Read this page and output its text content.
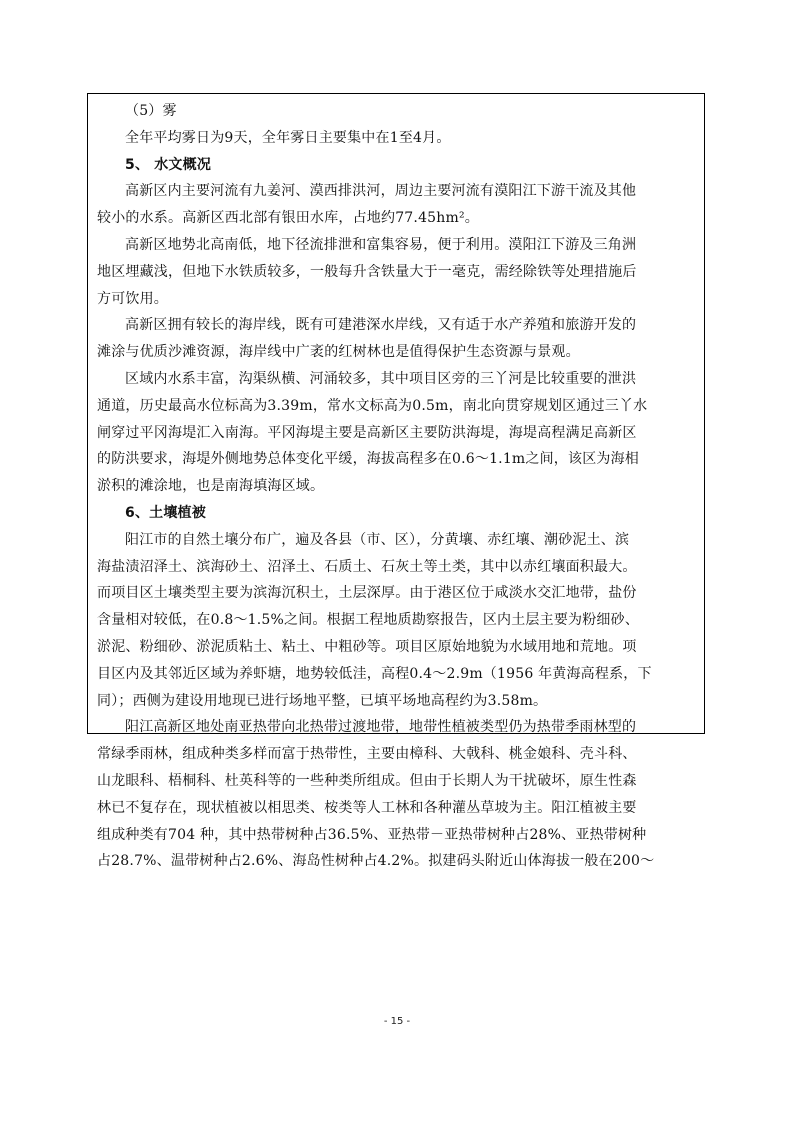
（5）雾
全年平均雾日为9天，全年雾日主要集中在1至4月。
5、 水文概况
高新区内主要河流有九姜河、漠西排洪河，周边主要河流有漠阳江下游干流及其他
较小的水系。高新区西北部有银田水库，占地约77.45hm²。
高新区地势北高南低，地下径流排泄和富集容易，便于利用。漠阳江下游及三角洲
地区埋藏浅，但地下水铁质较多，一般每升含铁量大于一毫克，需经除铁等处理措施后
方可饮用。
高新区拥有较长的海岸线，既有可建港深水岸线，又有适于水产养殖和旅游开发的
滩涂与优质沙滩资源，海岸线中广袤的红树林也是值得保护生态资源与景观。
区域内水系丰富，沟渠纵横、河涌较多，其中项目区旁的三丫河是比较重要的泄洪
通道，历史最高水位标高为3.39m，常水文标高为0.5m，南北向贯穿规划区通过三丫水
闸穿过平冈海堤汇入南海。平冈海堤主要是高新区主要防洪海堤，海堤高程满足高新区
的防洪要求，海堤外侧地势总体变化平缓，海拔高程多在0.6～1.1m之间，该区为海相
淤积的滩涂地，也是南海填海区域。
6、土壤植被
阳江市的自然土壤分布广，遍及各县（市、区），分黄壤、赤红壤、潮砂泥土、滨
海盐渍沼泽土、滨海砂土、沼泽土、石质土、石灰土等土类，其中以赤红壤面积最大。
而项目区土壤类型主要为滨海沉积土，土层深厚。由于港区位于咸淡水交汇地带，盐份
含量相对较低，在0.8～1.5%之间。根据工程地质勘察报告，区内土层主要为粉细砂、
淤泥、粉细砂、淤泥质粘土、粘土、中粗砂等。项目区原始地貌为水域用地和荒地。项
目区内及其邻近区域为养虾塘，地势较低洼，高程0.4～2.9m（1956 年黄海高程系，下
同）；西侧为建设用地现已进行场地平整，已填平场地高程约为3.58m。
阳江高新区地处南亚热带向北热带过渡地带，地带性植被类型仍为热带季雨林型的
常绿季雨林，组成种类多样而富于热带性，主要由樟科、大戟科、桃金娘科、壳斗科、
山龙眼科、梧桐科、杜英科等的一些种类所组成。但由于长期人为干扰破坏，原生性森
林已不复存在，现状植被以相思类、桉类等人工林和各种灌丛草坡为主。阳江植被主要
组成种类有704 种，其中热带树种占36.5%、亚热带－亚热带树种占28%、亚热带树种
占28.7%、温带树种占2.6%、海岛性树种占4.2%。拟建码头附近山体海拔一般在200～
- 15 -
